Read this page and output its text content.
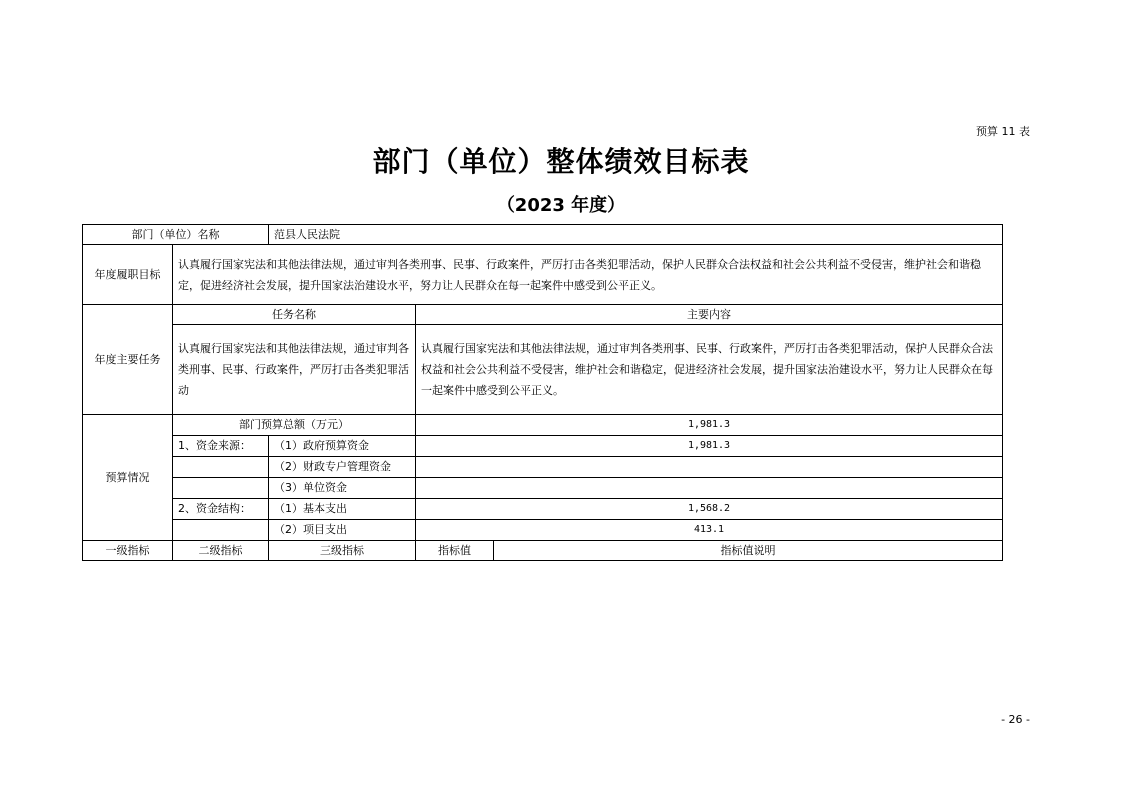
预算 11 表
部门（单位）整体绩效目标表
（2023 年度）
部门（单位）名称		范县人民法院		
年度履职目标	认真履行国家宪法和其他法律法规，通过审判各类刑事、民事、行政案件，严厉打击各类犯罪活动，保护人民群众合法权益和社会公共利益不受侵害，维护社会和谐稳定，促进经济社会发展，提升国家法治建设水平，努力让人民群众在每一起案件中感受到公平正义。			
年度主要任务	任务名称		主要内容	
	认真履行国家宪法和其他法律法规，通过审判各类刑事、民事、行政案件，严厉打击各类犯罪活动		认真履行国家宪法和其他法律法规，通过审判各类刑事、民事、行政案件，严厉打击各类犯罪活动，保护人民群众合法权益和社会公共利益不受侵害，维护社会和谐稳定，促进经济社会发展，提升国家法治建设水平，努力让人民群众在每一起案件中感受到公平正义。	
预算情况	部门预算总额（万元）		1,981.3	
	1、资金来源：	（1）政府预算资金	1,981.3	
		（2）财政专户管理资金		
		（3）单位资金		
	2、资金结构：	（1）基本支出	1,568.2	
		（2）项目支出	413.1	
一级指标	二级指标	三级指标	指标值	指标值说明
- 26 -
